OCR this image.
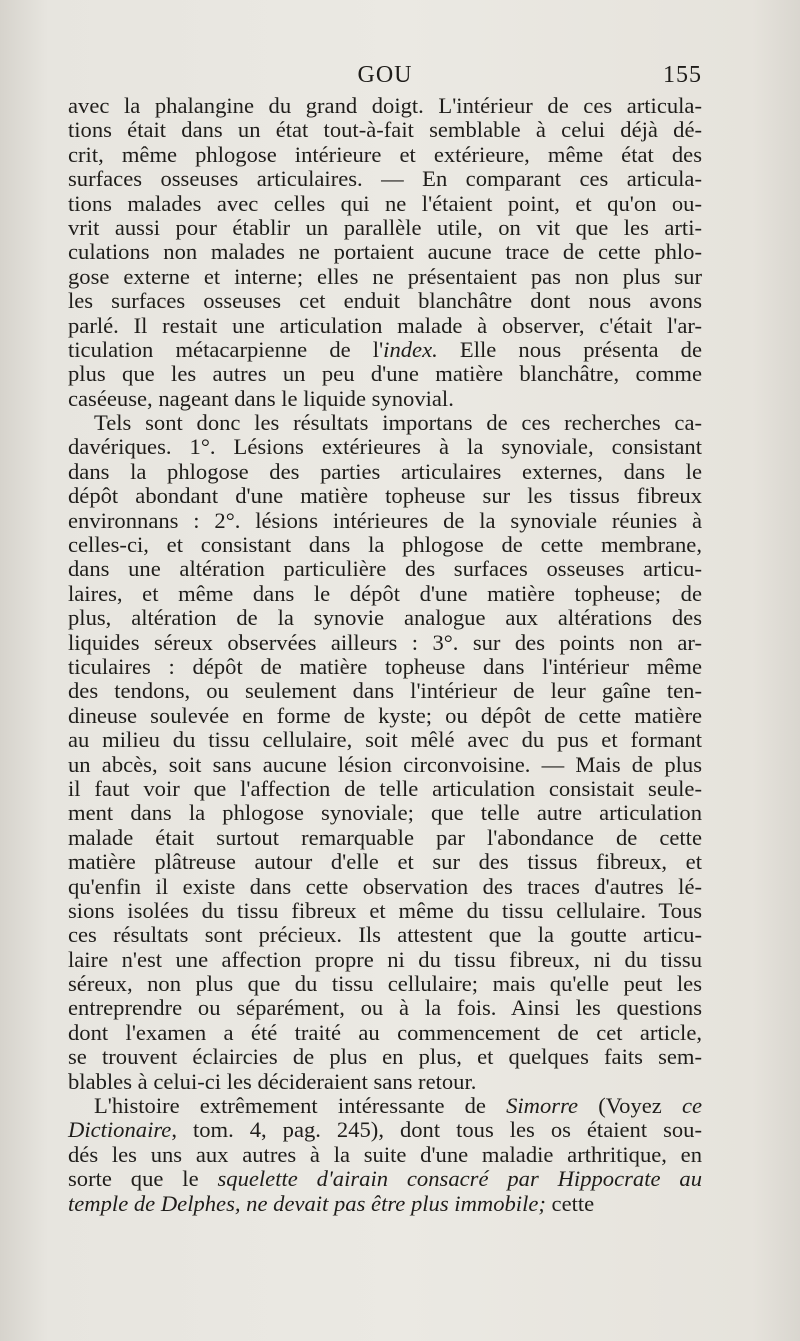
GOU	155
avec la phalangine du grand doigt. L'intérieur de ces articula-
tions était dans un état tout-à-fait semblable à celui déjà dé-
crit, même phlogose intérieure et extérieure, même état des
surfaces osseuses articulaires. — En comparant ces articula-
tions malades avec celles qui ne l'étaient point, et qu'on ou-
vrit aussi pour établir un parallèle utile, on vit que les arti-
culations non malades ne portaient aucune trace de cette phlo-
gose externe et interne; elles ne présentaient pas non plus sur
les surfaces osseuses cet enduit blanchâtre dont nous avons
parlé. Il restait une articulation malade à observer, c'était l'ar-
ticulation métacarpienne de l'index. Elle nous présenta de
plus que les autres un peu d'une matière blanchâtre, comme
caséeuse, nageant dans le liquide synovial.
Tels sont donc les résultats importans de ces recherches ca-
davériques. 1°. Lésions extérieures à la synoviale, consistant
dans la phlogose des parties articulaires externes, dans le
dépôt abondant d'une matière topheuse sur les tissus fibreux
environnans : 2°. lésions intérieures de la synoviale réunies à
celles-ci, et consistant dans la phlogose de cette membrane,
dans une altération particulière des surfaces osseuses articu-
laires, et même dans le dépôt d'une matière topheuse; de
plus, altération de la synovie analogue aux altérations des
liquides séreux observées ailleurs : 3°. sur des points non ar-
ticulaires : dépôt de matière topheuse dans l'intérieur même
des tendons, ou seulement dans l'intérieur de leur gaîne ten-
dineuse soulevée en forme de kyste; ou dépôt de cette matière
au milieu du tissu cellulaire, soit mêlé avec du pus et formant
un abcès, soit sans aucune lésion circonvoisine. — Mais de plus
il faut voir que l'affection de telle articulation consistait seule-
ment dans la phlogose synoviale; que telle autre articulation
malade était surtout remarquable par l'abondance de cette
matière plâtreuse autour d'elle et sur des tissus fibreux, et
qu'enfin il existe dans cette observation des traces d'autres lé-
sions isolées du tissu fibreux et même du tissu cellulaire. Tous
ces résultats sont précieux. Ils attestent que la goutte articu-
laire n'est une affection propre ni du tissu fibreux, ni du tissu
séreux, non plus que du tissu cellulaire; mais qu'elle peut les
entreprendre ou séparément, ou à la fois. Ainsi les questions
dont l'examen a été traité au commencement de cet article,
se trouvent éclaircies de plus en plus, et quelques faits sem-
blables à celui-ci les décideraient sans retour.
L'histoire extrêmement intéressante de Simorre (Voyez ce
Dictionaire, tom. 4, pag. 245), dont tous les os étaient sou-
dés les uns aux autres à la suite d'une maladie arthritique, en
sorte que le squelette d'airain consacré par Hippocrate au
temple de Delphes, ne devait pas être plus immobile; cette
